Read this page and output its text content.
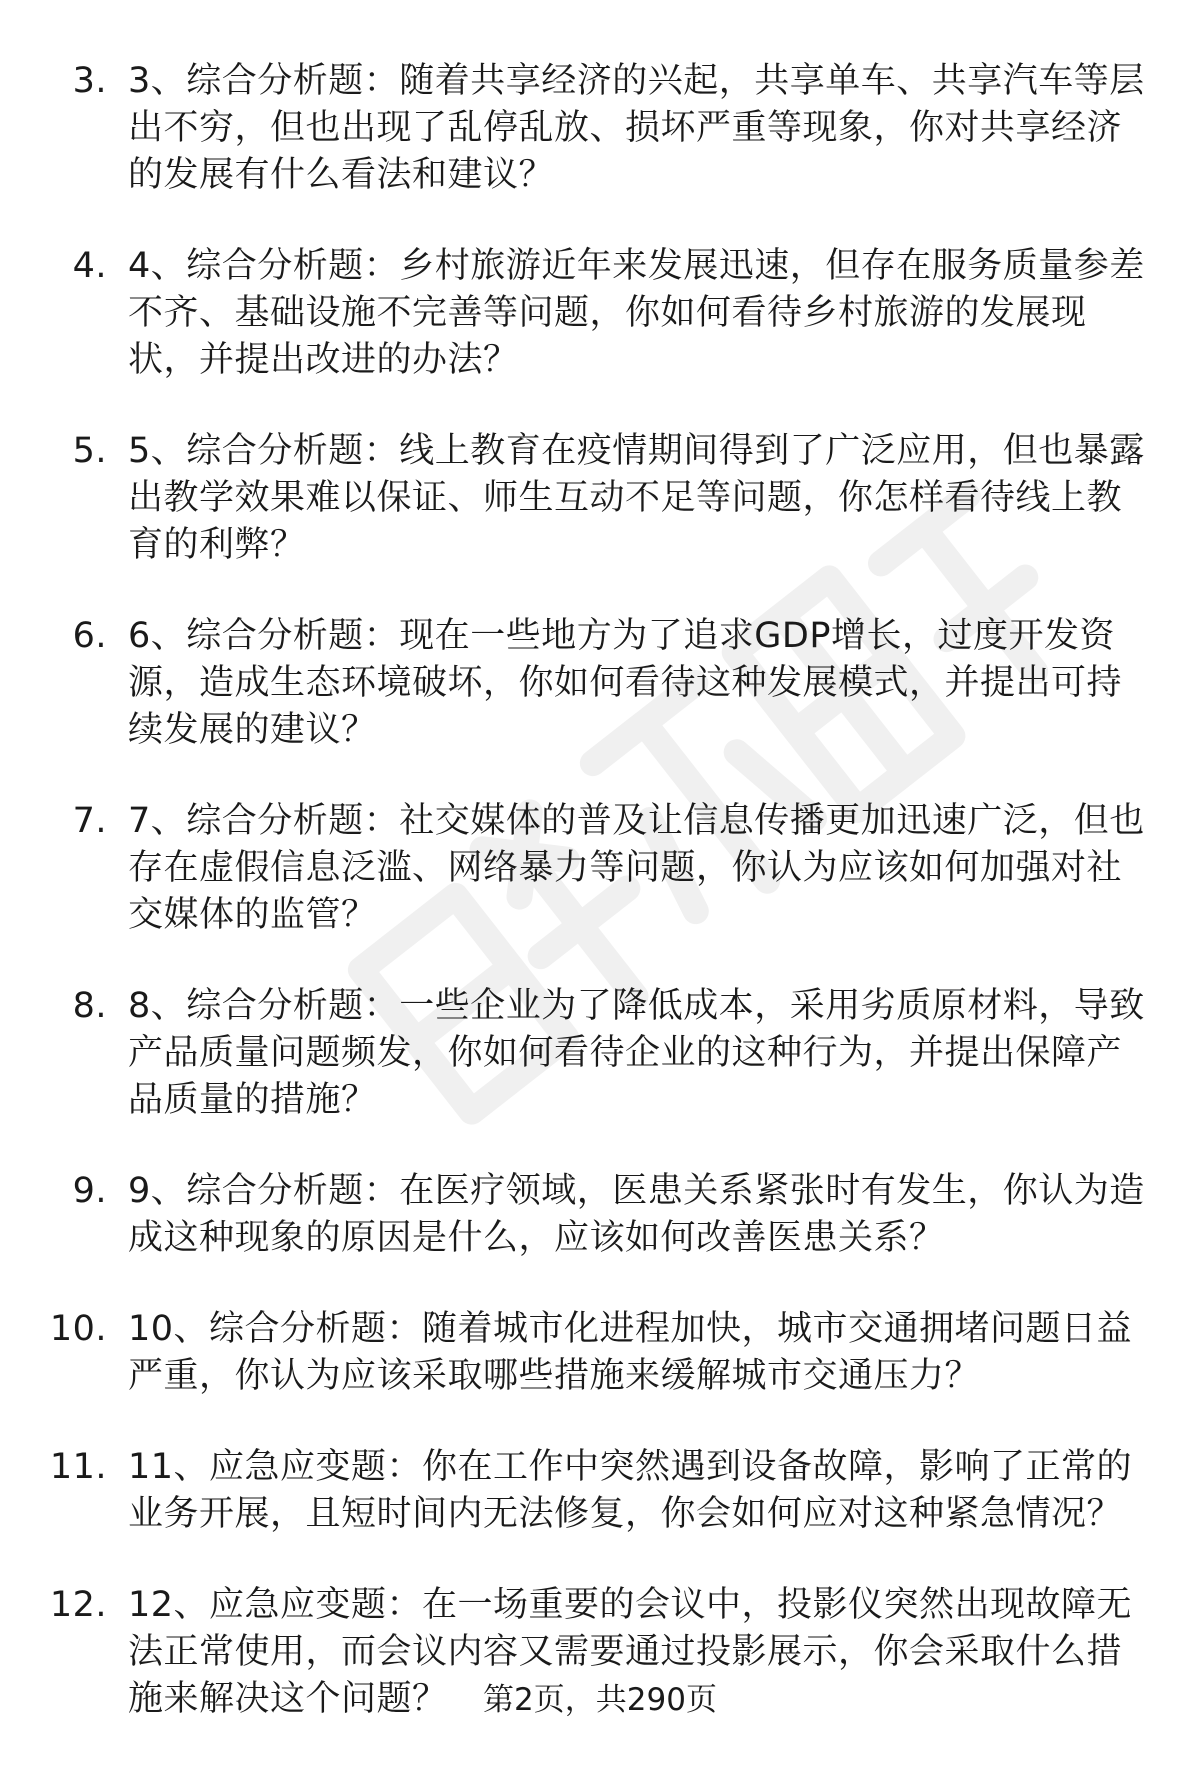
3. 3、综合分析题：随着共享经济的兴起，共享单车、共享汽车等层出不穷，但也出现了乱停乱放、损坏严重等现象，你对共享经济的发展有什么看法和建议？
4. 4、综合分析题：乡村旅游近年来发展迅速，但存在服务质量参差不齐、基础设施不完善等问题，你如何看待乡村旅游的发展现状，并提出改进的办法？
5. 5、综合分析题：线上教育在疫情期间得到了广泛应用，但也暴露出教学效果难以保证、师生互动不足等问题，你怎样看待线上教育的利弊？
6. 6、综合分析题：现在一些地方为了追求GDP增长，过度开发资源，造成生态环境破坏，你如何看待这种发展模式，并提出可持续发展的建议？
7. 7、综合分析题：社交媒体的普及让信息传播更加迅速广泛，但也存在虚假信息泛滥、网络暴力等问题，你认为应该如何加强对社交媒体的监管？
8. 8、综合分析题：一些企业为了降低成本，采用劣质原材料，导致产品质量问题频发，你如何看待企业的这种行为，并提出保障产品质量的措施？
9. 9、综合分析题：在医疗领域，医患关系紧张时有发生，你认为造成这种现象的原因是什么，应该如何改善医患关系？
10. 10、综合分析题：随着城市化进程加快，城市交通拥堵问题日益严重，你认为应该采取哪些措施来缓解城市交通压力？
11. 11、应急应变题：你在工作中突然遇到设备故障，影响了正常的业务开展，且短时间内无法修复，你会如何应对这种紧急情况？
12. 12、应急应变题：在一场重要的会议中，投影仪突然出现故障无法正常使用，而会议内容又需要通过投影展示，你会采取什么措施来解决这个问题？	第2页，共290页
